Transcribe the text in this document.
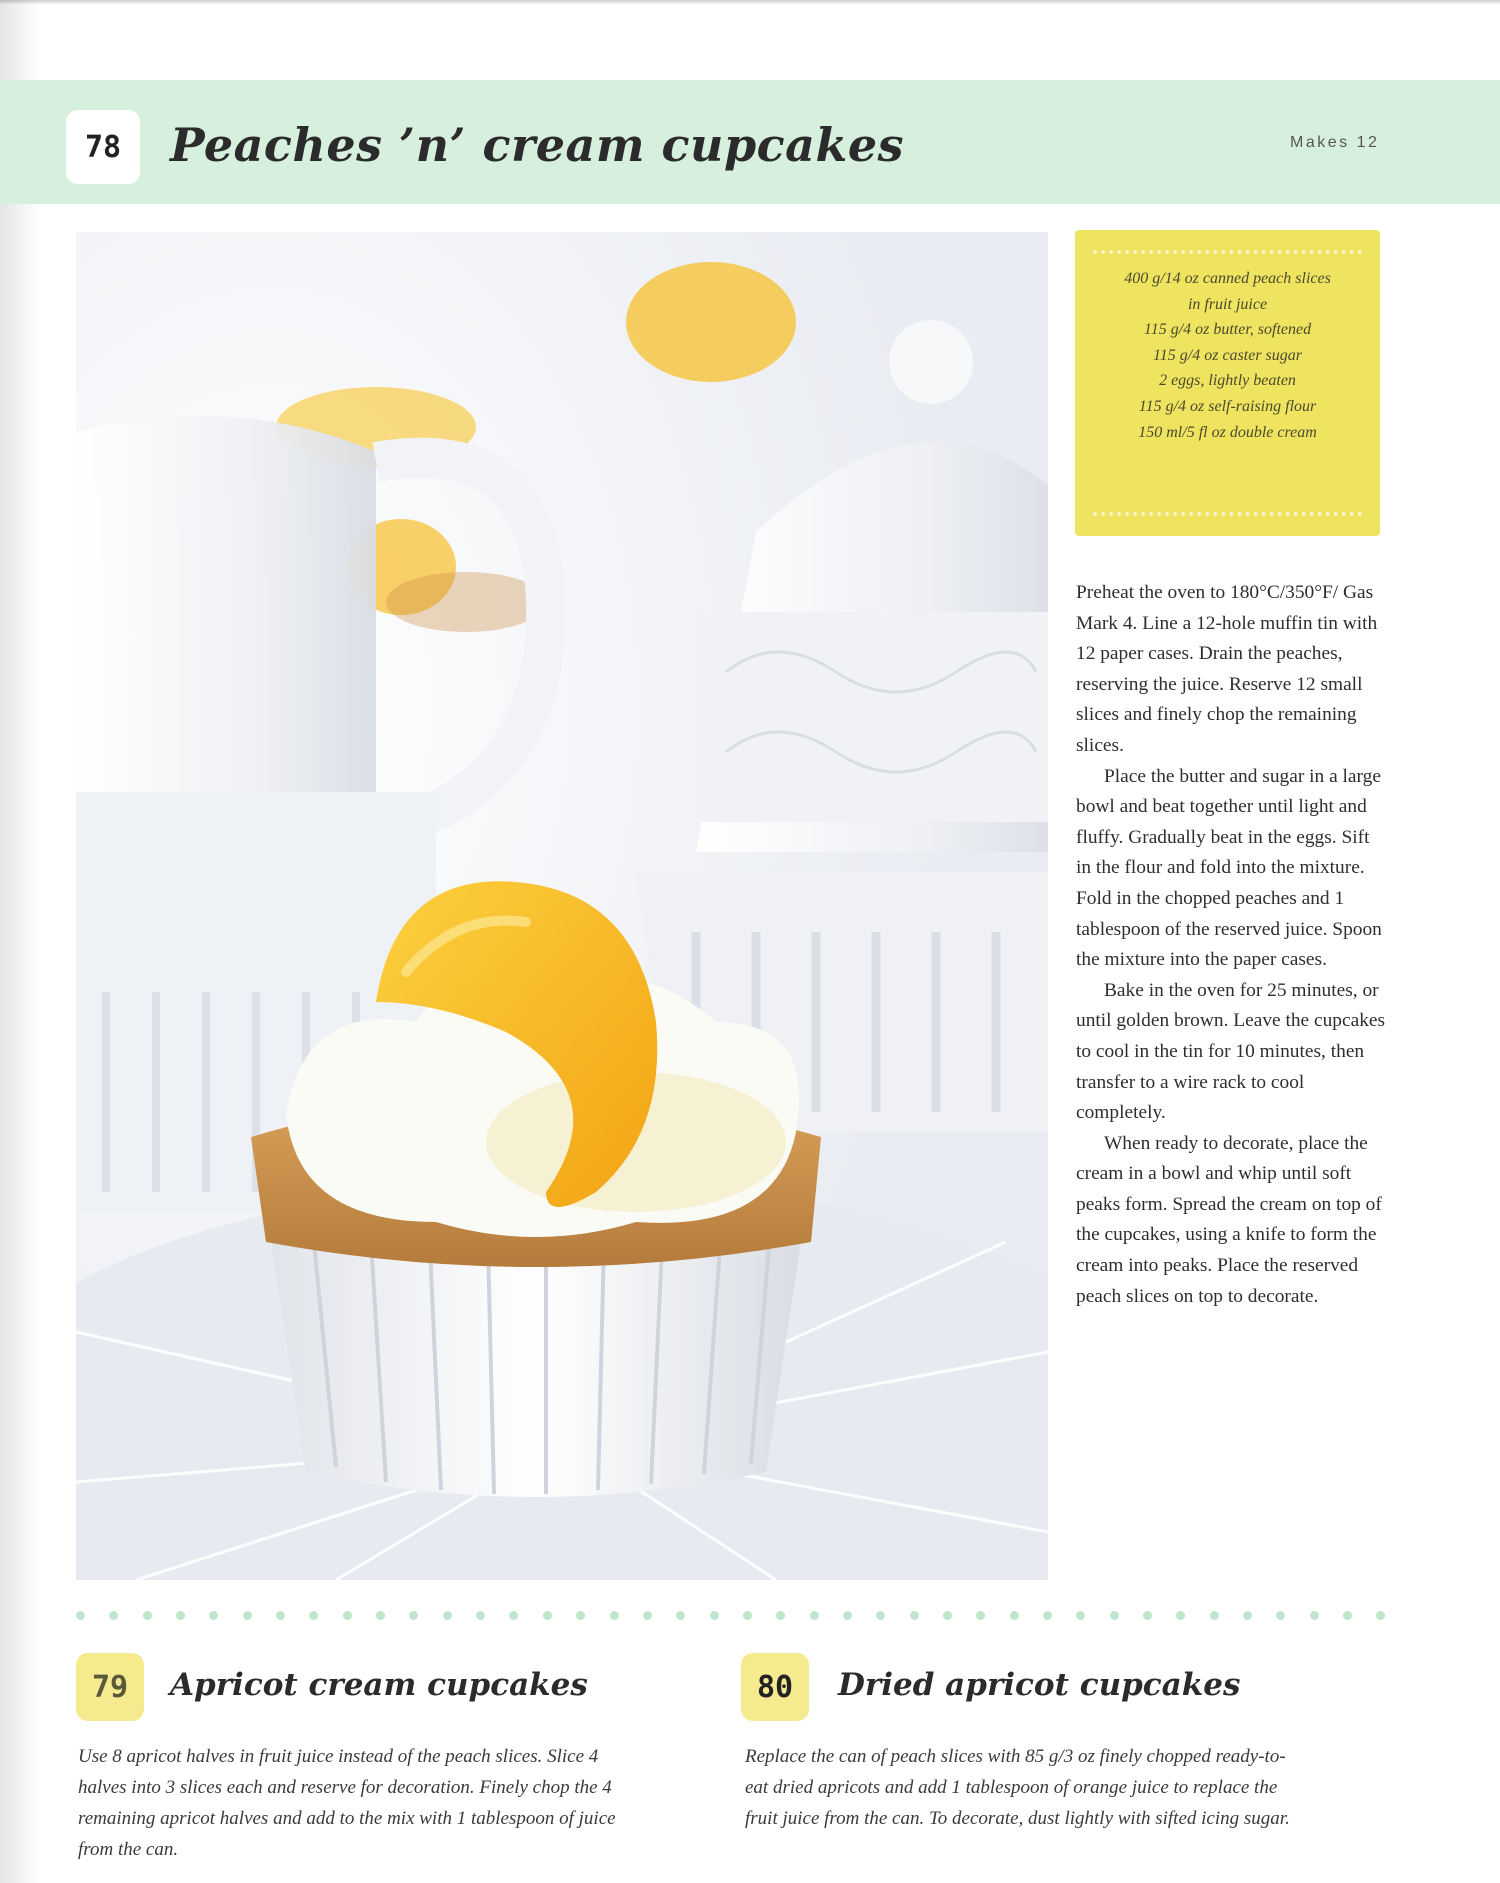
78	Peaches ’n’ cream cupcakes	Makes 12
400 g/14 oz canned peach slices
in fruit juice
115 g/4 oz butter, softened
115 g/4 oz caster sugar
2 eggs, lightly beaten
115 g/4 oz self-raising flour
150 ml/5 fl oz double cream

Preheat the oven to 180°C/350°F/ Gas Mark 4. Line a 12-hole muffin tin with 12 paper cases. Drain the peaches, reserving the juice. Reserve 12 small slices and finely chop the remaining slices.

Place the butter and sugar in a large bowl and beat together until light and fluffy. Gradually beat in the eggs. Sift in the flour and fold into the mixture. Fold in the chopped peaches and 1 tablespoon of the reserved juice. Spoon the mixture into the paper cases.

Bake in the oven for 25 minutes, or until golden brown. Leave the cupcakes to cool in the tin for 10 minutes, then transfer to a wire rack to cool completely.

When ready to decorate, place the cream in a bowl and whip until soft peaks form. Spread the cream on top of the cupcakes, using a knife to form the cream into peaks. Place the reserved peach slices on top to decorate.

79	Apricot cream cupcakes
Use 8 apricot halves in fruit juice instead of the peach slices. Slice 4 halves into 3 slices each and reserve for decoration. Finely chop the 4 remaining apricot halves and add to the mix with 1 tablespoon of juice from the can.
80	Dried apricot cupcakes
Replace the can of peach slices with 85 g/3 oz finely chopped ready-to-eat dried apricots and add 1 tablespoon of orange juice to replace the fruit juice from the can. To decorate, dust lightly with sifted icing sugar.
